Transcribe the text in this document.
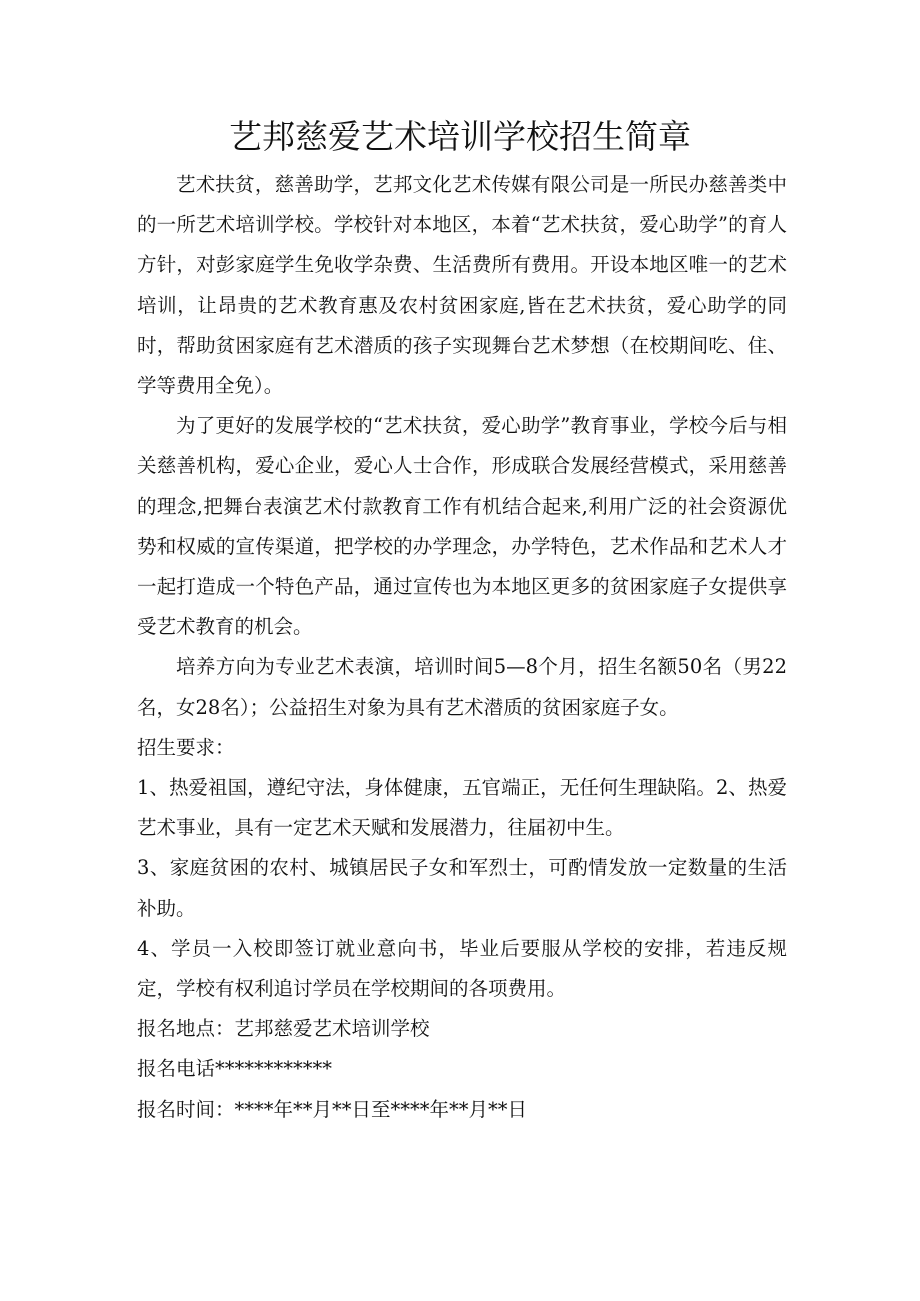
艺邦慈爱艺术培训学校招生简章

艺术扶贫，慈善助学，艺邦文化艺术传媒有限公司是一所民办慈善类中的一所艺术培训学校。学校针对本地区，本着“艺术扶贫，爱心助学”的育人方针，对彭家庭学生免收学杂费、生活费所有费用。开设本地区唯一的艺术培训，让昂贵的艺术教育惠及农村贫困家庭,皆在艺术扶贫，爱心助学的同时，帮助贫困家庭有艺术潜质的孩子实现舞台艺术梦想（在校期间吃、住、学等费用全免）。

为了更好的发展学校的“艺术扶贫，爱心助学”教育事业，学校今后与相关慈善机构，爱心企业，爱心人士合作，形成联合发展经营模式，采用慈善的理念,把舞台表演艺术付款教育工作有机结合起来,利用广泛的社会资源优势和权威的宣传渠道，把学校的办学理念，办学特色，艺术作品和艺术人才一起打造成一个特色产品，通过宣传也为本地区更多的贫困家庭子女提供享受艺术教育的机会。

培养方向为专业艺术表演，培训时间5—8个月，招生名额50名（男22名，女28名）；公益招生对象为具有艺术潜质的贫困家庭子女。

招生要求：

1、热爱祖国，遵纪守法，身体健康，五官端正，无任何生理缺陷。2、热爱艺术事业，具有一定艺术天赋和发展潜力，往届初中生。

3、家庭贫困的农村、城镇居民子女和军烈士，可酌情发放一定数量的生活补助。

4、学员一入校即签订就业意向书，毕业后要服从学校的安排，若违反规定，学校有权利追讨学员在学校期间的各项费用。

报名地点：艺邦慈爱艺术培训学校

报名电话************

报名时间：****年**月**日至****年**月**日
